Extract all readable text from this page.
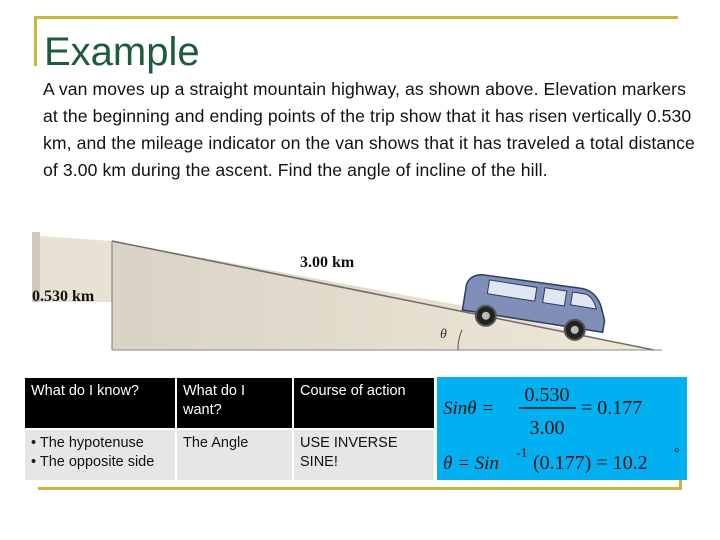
Example

A van moves up a straight mountain highway, as shown above. Elevation markers at the beginning and ending points of the trip show that it has risen vertically 0.530 km, and the mileage indicator on the van shows that it has traveled a total distance of 3.00 km during the ascent. Find the angle of incline of the hill.

θ
3.00 km
0.530 km
What do I know?	What do I want?	Course of action
• The hypotenuse
• The opposite side	The Angle	USE INVERSE SINE!
Sinθ =
0.530
3.00
= 0.177
θ = Sin -1 (0.177) = 10.2 °
